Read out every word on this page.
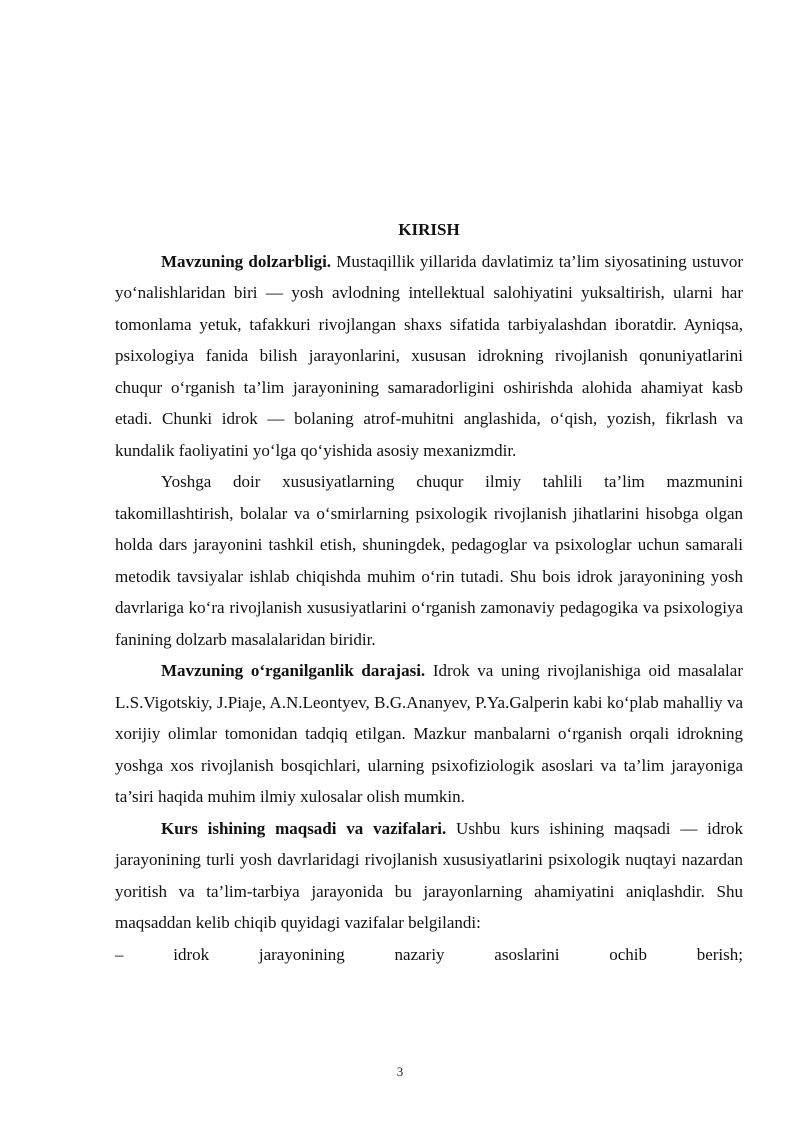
KIRISH

Mavzuning dolzarbligi. Mustaqillik yillarida davlatimiz ta’lim siyosatining ustuvor yo‘nalishlaridan biri — yosh avlodning intellektual salohiyatini yuksaltirish, ularni har tomonlama yetuk, tafakkuri rivojlangan shaxs sifatida tarbiyalashdan iboratdir. Ayniqsa, psixologiya fanida bilish jarayonlarini, xususan idrokning rivojlanish qonuniyatlarini chuqur o‘rganish ta’lim jarayonining samaradorligini oshirishda alohida ahamiyat kasb etadi. Chunki idrok — bolaning atrof-muhitni anglashida, o‘qish, yozish, fikrlash va kundalik faoliyatini yo‘lga qo‘yishida asosiy mexanizmdir.

Yoshga doir xususiyatlarning chuqur ilmiy tahlili ta’lim mazmunini takomillashtirish, bolalar va o‘smirlarning psixologik rivojlanish jihatlarini hisobga olgan holda dars jarayonini tashkil etish, shuningdek, pedagoglar va psixologlar uchun samarali metodik tavsiyalar ishlab chiqishda muhim o‘rin tutadi. Shu bois idrok jarayonining yosh davrlariga ko‘ra rivojlanish xususiyatlarini o‘rganish zamonaviy pedagogika va psixologiya fanining dolzarb masalalaridan biridir.

Mavzuning o‘rganilganlik darajasi. Idrok va uning rivojlanishiga oid masalalar L.S.Vigotskiy, J.Piaje, A.N.Leontyev, B.G.Ananyev, P.Ya.Galperin kabi ko‘plab mahalliy va xorijiy olimlar tomonidan tadqiq etilgan. Mazkur manbalarni o‘rganish orqali idrokning yoshga xos rivojlanish bosqichlari, ularning psixofiziologik asoslari va ta’lim jarayoniga ta’siri haqida muhim ilmiy xulosalar olish mumkin.

Kurs ishining maqsadi va vazifalari. Ushbu kurs ishining maqsadi — idrok jarayonining turli yosh davrlaridagi rivojlanish xususiyatlarini psixologik nuqtayi nazardan yoritish va ta’lim-tarbiya jarayonida bu jarayonlarning ahamiyatini aniqlashdir. Shu maqsaddan kelib chiqib quyidagi vazifalar belgilandi:

– idrok jarayonining nazariy asoslarini ochib berish;

3
